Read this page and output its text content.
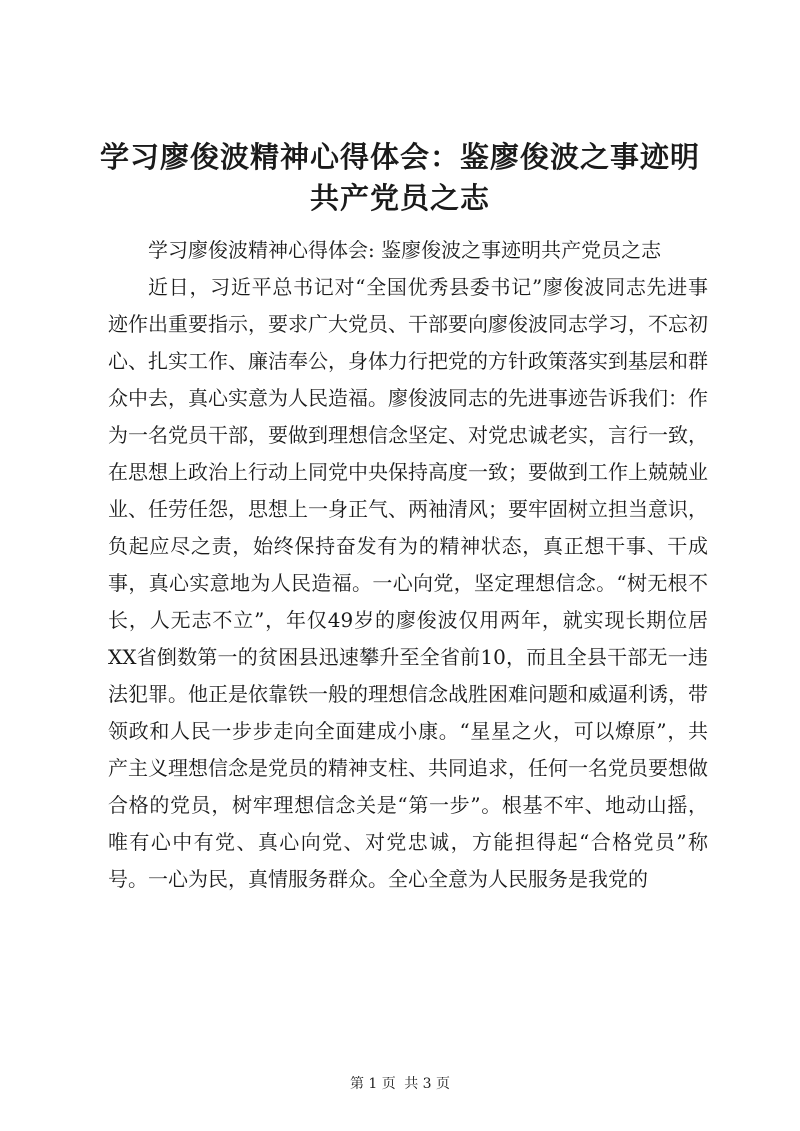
学习廖俊波精神心得体会：鉴廖俊波之事迹明共产党员之志

学习廖俊波精神心得体会: 鉴廖俊波之事迹明共产党员之志

近日，习近平总书记对“全国优秀县委书记”廖俊波同志先进事迹作出重要指示，要求广大党员、干部要向廖俊波同志学习，不忘初心、扎实工作、廉洁奉公，身体力行把党的方针政策落实到基层和群众中去，真心实意为人民造福。廖俊波同志的先进事迹告诉我们：作为一名党员干部，要做到理想信念坚定、对党忠诚老实，言行一致，在思想上政治上行动上同党中央保持高度一致；要做到工作上兢兢业业、任劳任怨，思想上一身正气、两袖清风；要牢固树立担当意识，负起应尽之责，始终保持奋发有为的精神状态，真正想干事、干成事，真心实意地为人民造福。一心向党，坚定理想信念。“树无根不长，人无志不立”，年仅49岁的廖俊波仅用两年，就实现长期位居XX省倒数第一的贫困县迅速攀升至全省前10，而且全县干部无一违法犯罪。他正是依靠铁一般的理想信念战胜困难问题和威逼利诱，带领政和人民一步步走向全面建成小康。“星星之火，可以燎原”，共产主义理想信念是党员的精神支柱、共同追求，任何一名党员要想做合格的党员，树牢理想信念关是“第一步”。根基不牢、地动山摇，唯有心中有党、真心向党、对党忠诚，方能担得起“合格党员”称号。一心为民，真情服务群众。全心全意为人民服务是我党的

第 1 页 共 3 页
